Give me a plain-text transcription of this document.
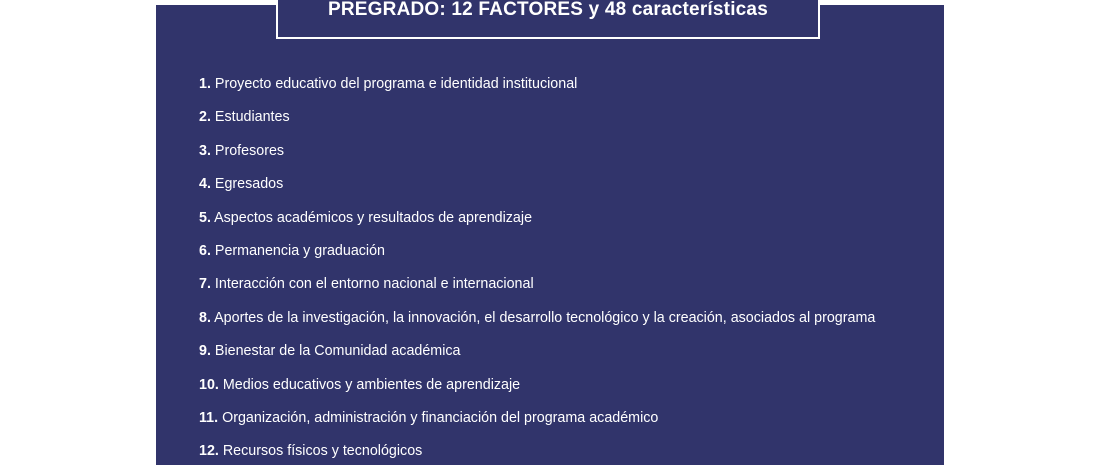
PREGRADO: 12 FACTORES y 48 características
1. Proyecto educativo del programa e identidad institucional
2. Estudiantes
3. Profesores
4. Egresados
5. Aspectos académicos y resultados de aprendizaje
6. Permanencia y graduación
7. Interacción con el entorno nacional e internacional
8. Aportes de la investigación, la innovación, el desarrollo tecnológico y la creación, asociados al programa
9. Bienestar de la Comunidad académica
10. Medios educativos y ambientes de aprendizaje
11. Organización, administración y financiación del programa académico
12. Recursos físicos y tecnológicos
